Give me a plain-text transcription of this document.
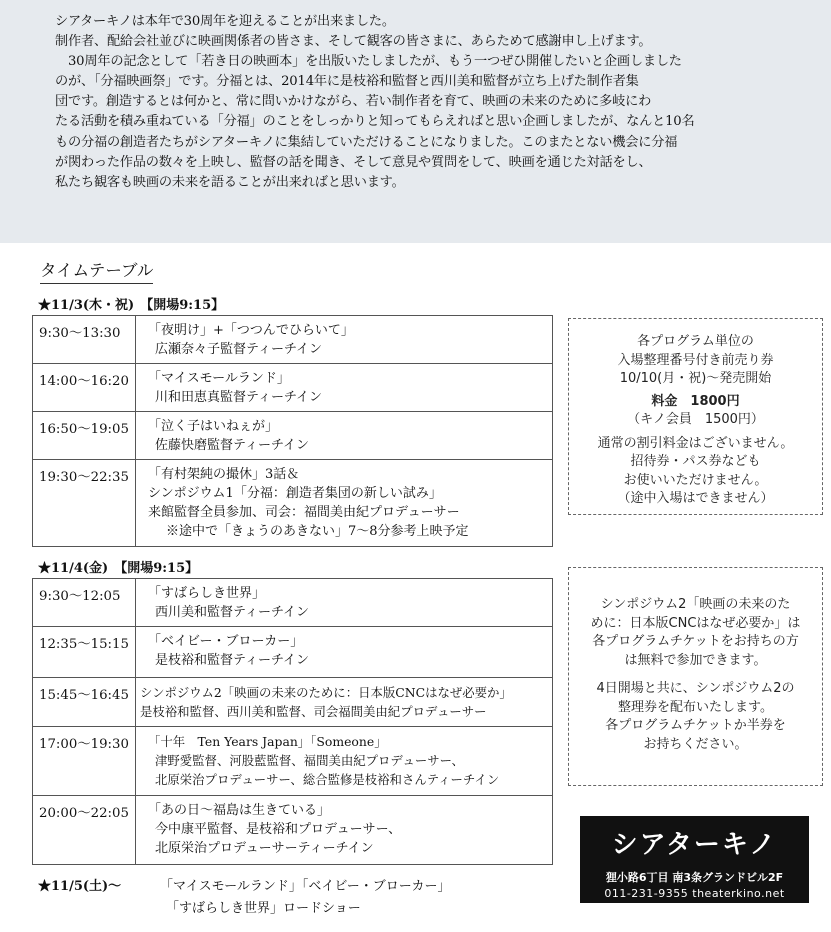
シアターキノは本年で30周年を迎えることが出来ました。

制作者、配給会社並びに映画関係者の皆さま、そして観客の皆さまに、あらためて感謝申し上げます。

　30周年の記念として「若き日の映画本」を出版いたしましたが、もう一つぜひ開催したいと企画しました

のが、「分福映画祭」です。分福とは、2014年に是枝裕和監督と西川美和監督が立ち上げた制作者集

団です。創造するとは何かと、常に問いかけながら、若い制作者を育て、映画の未来のために多岐にわ

たる活動を積み重ねている「分福」のことをしっかりと知ってもらえればと思い企画しましたが、なんと10名

もの分福の創造者たちがシアターキノに集結していただけることになりました。このまたとない機会に分福

が関わった作品の数々を上映し、監督の話を聞き、そして意見や質問をして、映画を通じた対話をし、

私たち観客も映画の未来を語ることが出来ればと思います。

タイムテーブル
★11/3(木・祝) 【開場9:15】
9:30〜13:30	「夜明け」+「つつんでひらいて」
広瀬奈々子監督ティーチイン
14:00〜16:20	「マイスモールランド」
川和田恵真監督ティーチイン
16:50〜19:05	「泣く子はいねぇが」
佐藤快磨監督ティーチイン
19:30〜22:35	「有村架純の撮休」3話＆
シンポジウム1「分福：創造者集団の新しい試み」
来館監督全員参加、司会：福間美由紀プロデューサー
※途中で「きょうのあきない」7〜8分参考上映予定
★11/4(金) 【開場9:15】
9:30〜12:05	「すばらしき世界」
西川美和監督ティーチイン
12:35〜15:15	「ベイビー・ブローカー」
是枝裕和監督ティーチイン
15:45〜16:45 シンポジウム2「映画の未来のために：日本版CNCはなぜ必要か」
是枝裕和監督、西川美和監督、司会福間美由紀プロデューサー
17:00〜19:30	「十年　Ten Years Japan」「Someone」
津野愛監督、河股藍監督、福間美由紀プロデューサー、
北原栄治プロデューサー、総合監修是枝裕和さんティーチイン
20:00〜22:05	「あの日〜福島は生きている」
今中康平監督、是枝裕和プロデューサー、
北原栄治プロデューサーティーチイン
各プログラム単位の
入場整理番号付き前売り券
10/10(月・祝)〜発売開始
料金　1800円
（キノ会員　1500円）
通常の割引料金はございません。
招待券・パス券なども
お使いいただけません。
（途中入場はできません）
シンポジウム2「映画の未来のた
めに：日本版CNCはなぜ必要か」は
各プログラムチケットをお持ちの方
は無料で参加できます。
4日開場と共に、シンポジウム2の
整理券を配布いたします。
各プログラムチケットか半券を
お持ちください。
シアターキノ
狸小路6丁目 南3条グランドビル2F
011-231-9355 theaterkino.net
★11/5(土)〜	「マイスモールランド」「ベイビー・ブローカー」
「すばらしき世界」ロードショー
